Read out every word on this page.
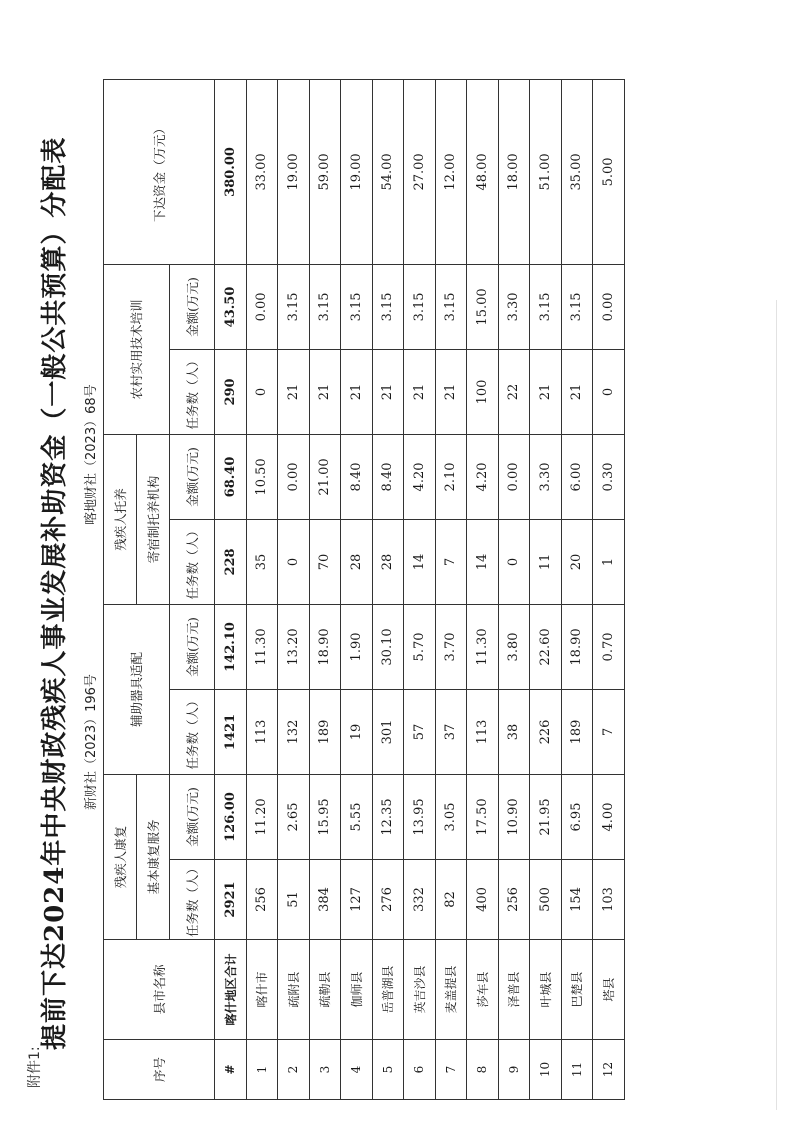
附件1:
提前下达2024年中央财政残疾人事业发展补助资金（一般公共预算）分配表	新财社（2023）196号
喀地财社（2023）68号
序号	县市名称	残疾人康复		辅助器具适配		残疾人托养		农村实用技术培训		下达资金（万元）
		基本康复服务				寄宿制托养机构				
		任务数（人）	金额(万元)	任务数（人）	金额(万元)	任务数（人）	金额(万元)	任务数（人）	金额(万元)	
#	喀什地区合计	2921	126.00	1421	142.10	228	68.40	290	43.50	380.00
1	喀什市	256	11.20	113	11.30	35	10.50	0	0.00	33.00
2	疏附县	51	2.65	132	13.20	0	0.00	21	3.15	19.00
3	疏勒县	384	15.95	189	18.90	70	21.00	21	3.15	59.00
4	伽师县	127	5.55	19	1.90	28	8.40	21	3.15	19.00
5	岳普湖县	276	12.35	301	30.10	28	8.40	21	3.15	54.00
6	英吉沙县	332	13.95	57	5.70	14	4.20	21	3.15	27.00
7	麦盖提县	82	3.05	37	3.70	7	2.10	21	3.15	12.00
8	莎车县	400	17.50	113	11.30	14	4.20	100	15.00	48.00
9	泽普县	256	10.90	38	3.80	0	0.00	22	3.30	18.00
10	叶城县	500	21.95	226	22.60	11	3.30	21	3.15	51.00
11	巴楚县	154	6.95	189	18.90	20	6.00	21	3.15	35.00
12	塔县	103	4.00	7	0.70	1	0.30	0	0.00	5.00
